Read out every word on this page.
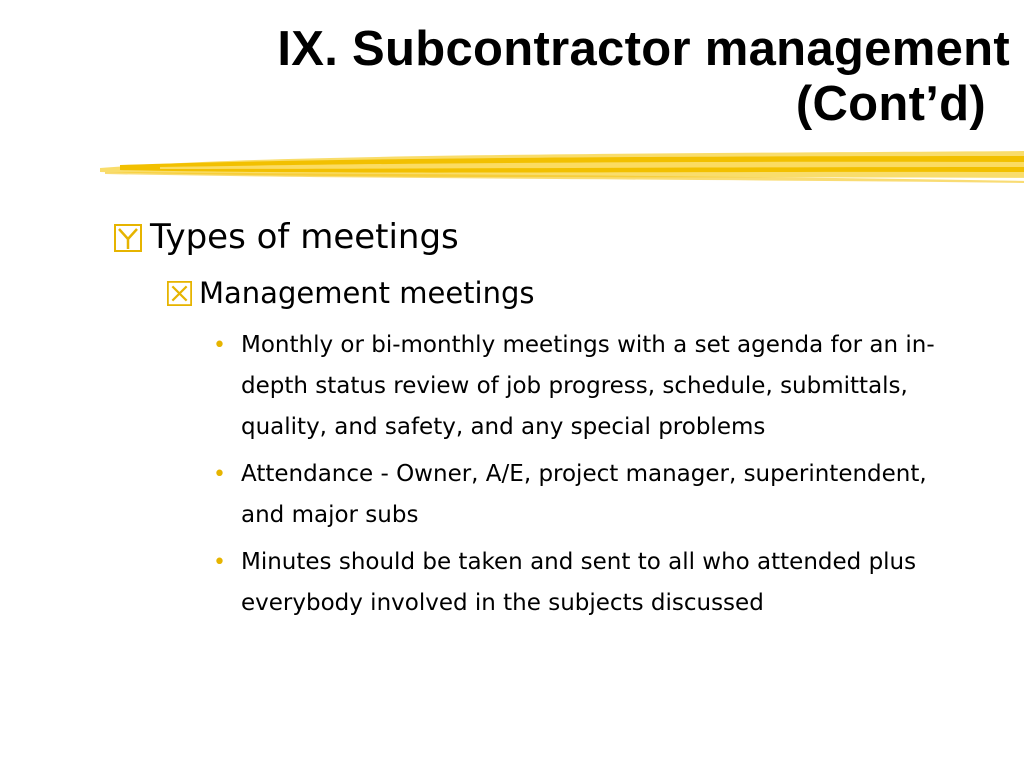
IX. Subcontractor management
(Cont’d)
Types of meetings
Management meetings
• Monthly or bi-monthly meetings with a set agenda for an in-depth status review of job progress, schedule, submittals, quality, and safety, and any special problems
• Attendance - Owner, A/E, project manager, superintendent, and major subs
• Minutes should be taken and sent to all who attended plus everybody involved in the subjects discussed
